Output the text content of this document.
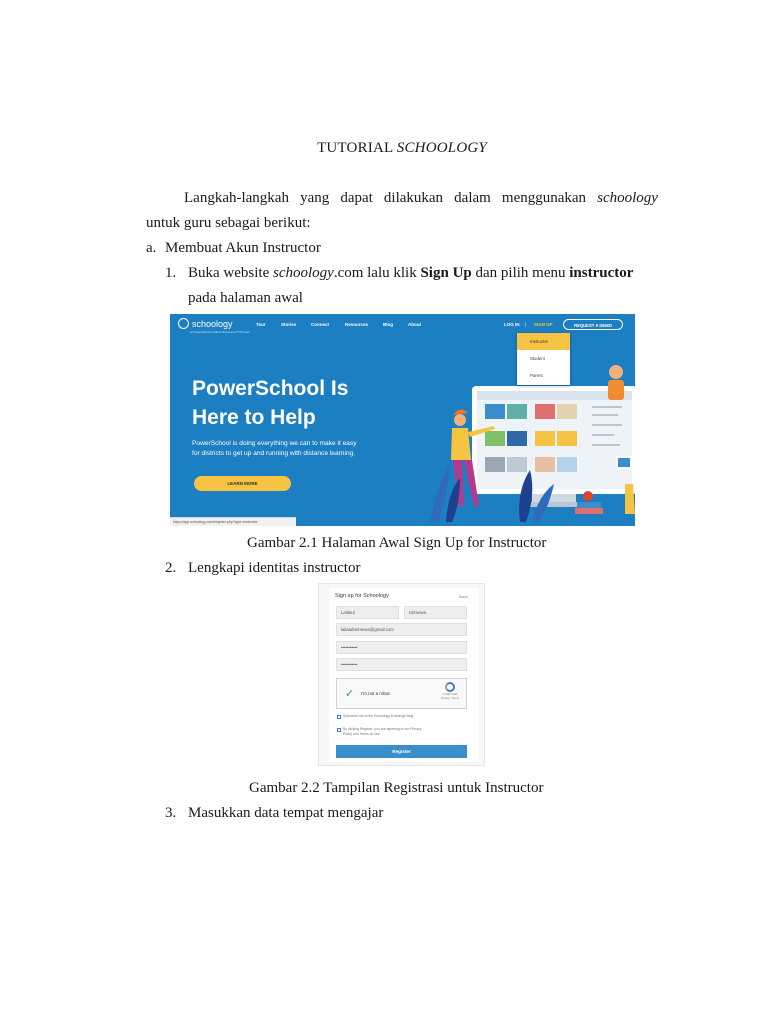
TUTORIAL SCHOOLOGY
Langkah-langkah yang dapat dilakukan dalam menggunakan schoology
untuk guru sebagai berikut:
a. Membuat Akun Instructor
1. Buka website schoology.com lalu klik Sign Up dan pilih menu instructor
pada halaman awal
schoology
A PowerSchool Unified Classroom™ Product
Tour	Stories	Connect	Resources	Blog	About	LOG IN | SIGN UP	REQUEST A DEMO
PowerSchool Is
Here to Help
PowerSchool is doing everything we can to make it easy
for districts to get up and running with distance learning.
LEARN MORE
https://app.schoology.com/register.php?type=instructor
Instructor
Student
Parent
Gambar 2.1 Halaman Awal Sign Up for Instructor
2. Lengkapi identitas instructor
Sign up for Schoology	Back
Lailatul	Istimewa
lailatulistimewa@gmail.com
•••••••••••
•••••••••••
✓ I'm not a robot	reCAPTCHA
Privacy - Terms
Subscribe me to the Schoology Exchange blog
By clicking Register, you are agreeing to our Privacy
Policy and Terms of Use.
Register
Gambar 2.2 Tampilan Registrasi untuk Instructor
3. Masukkan data tempat mengajar
